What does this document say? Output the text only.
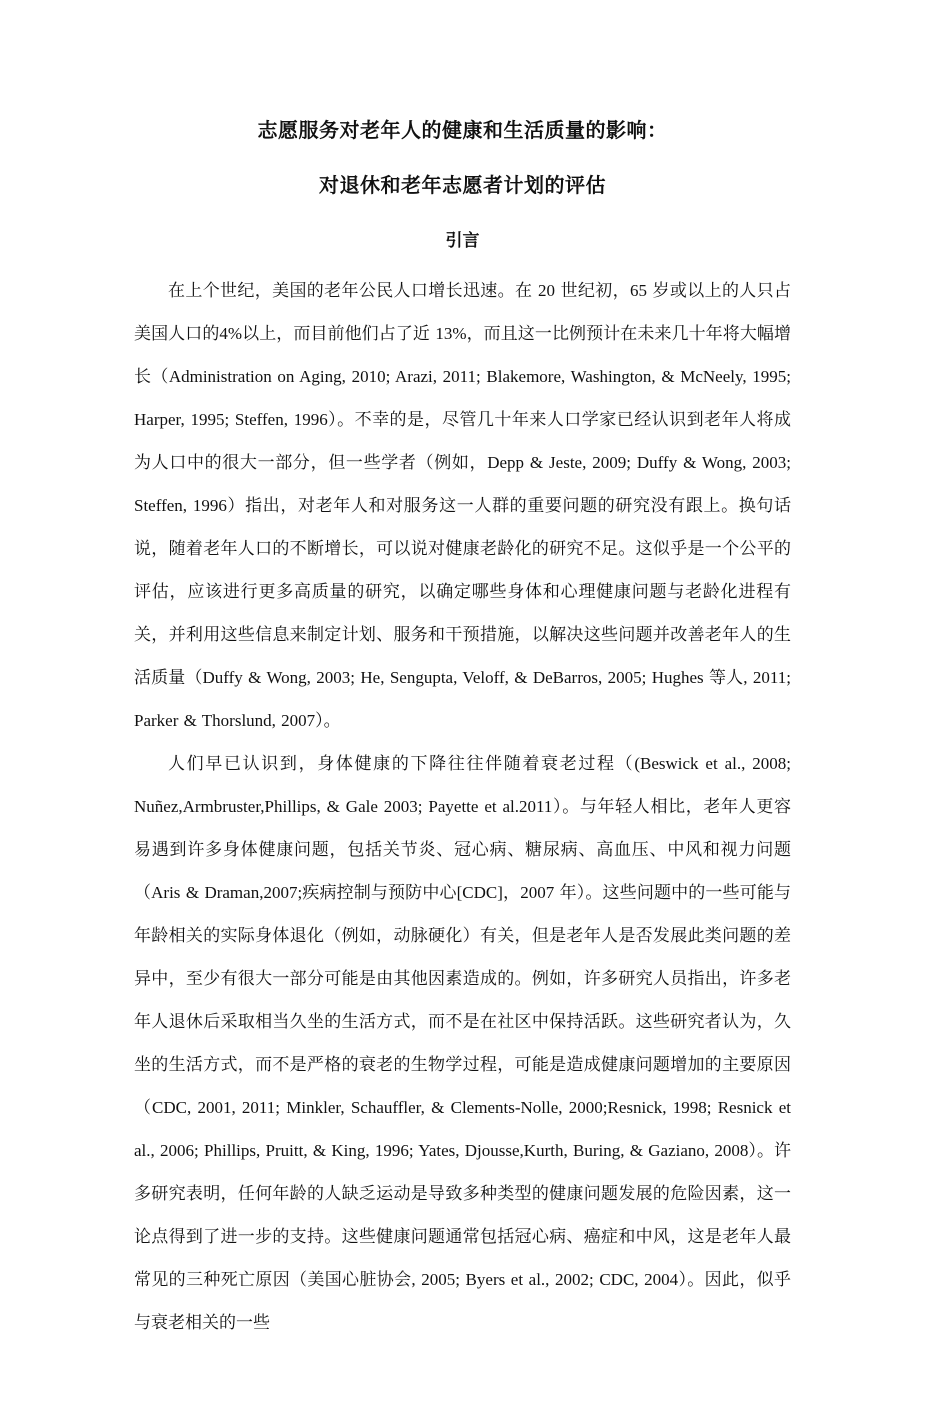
志愿服务对老年人的健康和生活质量的影响：
对退休和老年志愿者计划的评估
引言

在上个世纪，美国的老年公民人口增长迅速。在 20 世纪初，65 岁或以上的人只占美国人口的4%以上，而目前他们占了近 13%，而且这一比例预计在未来几十年将大幅增长（Administration on Aging, 2010; Arazi, 2011; Blakemore, Washington, & McNeely, 1995; Harper, 1995; Steffen, 1996）。不幸的是，尽管几十年来人口学家已经认识到老年人将成为人口中的很大一部分，但一些学者（例如，Depp & Jeste, 2009; Duffy & Wong, 2003; Steffen, 1996）指出，对老年人和对服务这一人群的重要问题的研究没有跟上。换句话说，随着老年人口的不断增长，可以说对健康老龄化的研究不足。这似乎是一个公平的评估，应该进行更多高质量的研究，以确定哪些身体和心理健康问题与老龄化进程有关，并利用这些信息来制定计划、服务和干预措施，以解决这些问题并改善老年人的生活质量（Duffy & Wong, 2003; He, Sengupta, Veloff, & DeBarros, 2005; Hughes 等人, 2011; Parker & Thorslund, 2007）。

人们早已认识到，身体健康的下降往往伴随着衰老过程（(Beswick et al., 2008; Nuñez,Armbruster,Phillips, & Gale 2003; Payette et al.2011）。与年轻人相比，老年人更容易遇到许多身体健康问题，包括关节炎、冠心病、糖尿病、高血压、中风和视力问题（Aris & Draman,2007;疾病控制与预防中心[CDC]，2007 年）。这些问题中的一些可能与年龄相关的实际身体退化（例如，动脉硬化）有关，但是老年人是否发展此类问题的差异中，至少有很大一部分可能是由其他因素造成的。例如，许多研究人员指出，许多老年人退休后采取相当久坐的生活方式，而不是在社区中保持活跃。这些研究者认为，久坐的生活方式，而不是严格的衰老的生物学过程，可能是造成健康问题增加的主要原因（CDC, 2001, 2011; Minkler, Schauffler, & Clements-Nolle, 2000;Resnick, 1998; Resnick et al., 2006; Phillips, Pruitt, & King, 1996; Yates, Djousse,Kurth, Buring, & Gaziano, 2008）。许多研究表明，任何年龄的人缺乏运动是导致多种类型的健康问题发展的危险因素，这一论点得到了进一步的支持。这些健康问题通常包括冠心病、癌症和中风，这是老年人最常见的三种死亡原因（美国心脏协会, 2005; Byers et al., 2002; CDC, 2004）。因此，似乎与衰老相关的一些
